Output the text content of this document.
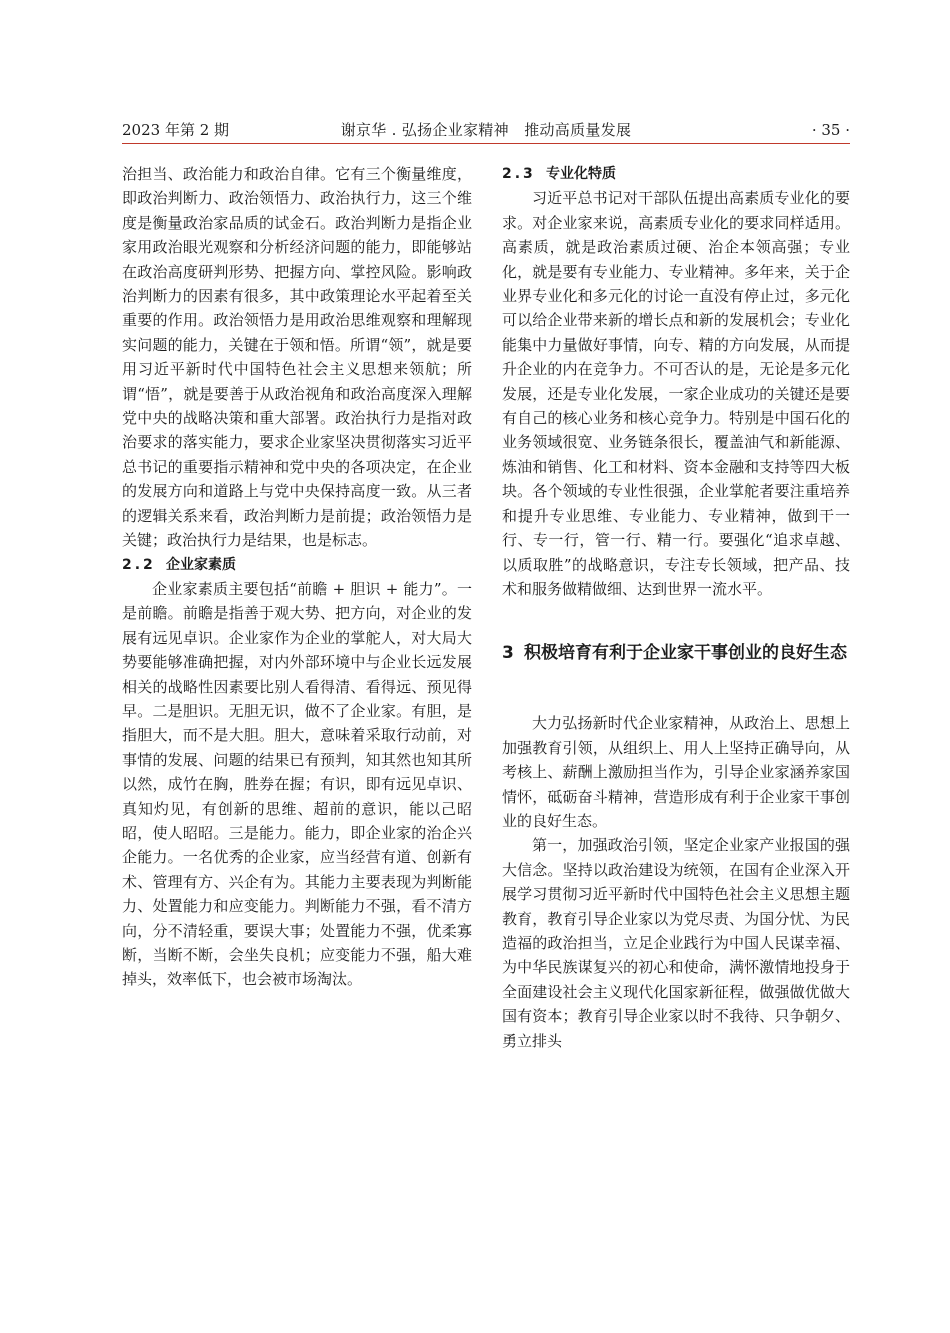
2023 年第 2 期	谢京华 . 弘扬企业家精神　推动高质量发展	· 35 ·

治担当、政治能力和政治自律。它有三个衡量维度，即政治判断力、政治领悟力、政治执行力，这三个维度是衡量政治家品质的试金石。政治判断力是指企业家用政治眼光观察和分析经济问题的能力，即能够站在政治高度研判形势、把握方向、掌控风险。影响政治判断力的因素有很多，其中政策理论水平起着至关重要的作用。政治领悟力是用政治思维观察和理解现实问题的能力，关键在于领和悟。所谓“领”，就是要用习近平新时代中国特色社会主义思想来领航；所谓“悟”，就是要善于从政治视角和政治高度深入理解党中央的战略决策和重大部署。政治执行力是指对政治要求的落实能力，要求企业家坚决贯彻落实习近平总书记的重要指示精神和党中央的各项决定，在企业的发展方向和道路上与党中央保持高度一致。从三者的逻辑关系来看，政治判断力是前提；政治领悟力是关键；政治执行力是结果，也是标志。

2.2 企业家素质

企业家素质主要包括“前瞻 + 胆识 + 能力”。一是前瞻。前瞻是指善于观大势、把方向，对企业的发展有远见卓识。企业家作为企业的掌舵人，对大局大势要能够准确把握，对内外部环境中与企业长远发展相关的战略性因素要比别人看得清、看得远、预见得早。二是胆识。无胆无识，做不了企业家。有胆，是指胆大，而不是大胆。胆大，意味着采取行动前，对事情的发展、问题的结果已有预判，知其然也知其所以然，成竹在胸，胜券在握；有识，即有远见卓识、真知灼见，有创新的思维、超前的意识，能以己昭昭，使人昭昭。三是能力。能力，即企业家的治企兴企能力。一名优秀的企业家，应当经营有道、创新有术、管理有方、兴企有为。其能力主要表现为判断能力、处置能力和应变能力。判断能力不强，看不清方向，分不清轻重，要误大事；处置能力不强，优柔寡断，当断不断，会坐失良机；应变能力不强，船大难掉头，效率低下，也会被市场淘汰。

2.3 专业化特质

习近平总书记对干部队伍提出高素质专业化的要求。对企业家来说，高素质专业化的要求同样适用。高素质，就是政治素质过硬、治企本领高强；专业化，就是要有专业能力、专业精神。多年来，关于企业界专业化和多元化的讨论一直没有停止过，多元化可以给企业带来新的增长点和新的发展机会；专业化能集中力量做好事情，向专、精的方向发展，从而提升企业的内在竞争力。不可否认的是，无论是多元化发展，还是专业化发展，一家企业成功的关键还是要有自己的核心业务和核心竞争力。特别是中国石化的业务领域很宽、业务链条很长，覆盖油气和新能源、炼油和销售、化工和材料、资本金融和支持等四大板块。各个领域的专业性很强，企业掌舵者要注重培养和提升专业思维、专业能力、专业精神，做到干一行、专一行，管一行、精一行。要强化“追求卓越、以质取胜”的战略意识，专注专长领域，把产品、技术和服务做精做细、达到世界一流水平。

3 积极培育有利于企业家干事创业的良好生态

大力弘扬新时代企业家精神，从政治上、思想上加强教育引领，从组织上、用人上坚持正确导向，从考核上、薪酬上激励担当作为，引导企业家涵养家国情怀，砥砺奋斗精神，营造形成有利于企业家干事创业的良好生态。

第一，加强政治引领，坚定企业家产业报国的强大信念。坚持以政治建设为统领，在国有企业深入开展学习贯彻习近平新时代中国特色社会主义思想主题教育，教育引导企业家以为党尽责、为国分忧、为民造福的政治担当，立足企业践行为中国人民谋幸福、为中华民族谋复兴的初心和使命，满怀激情地投身于全面建设社会主义现代化国家新征程，做强做优做大国有资本；教育引导企业家以时不我待、只争朝夕、勇立排头
